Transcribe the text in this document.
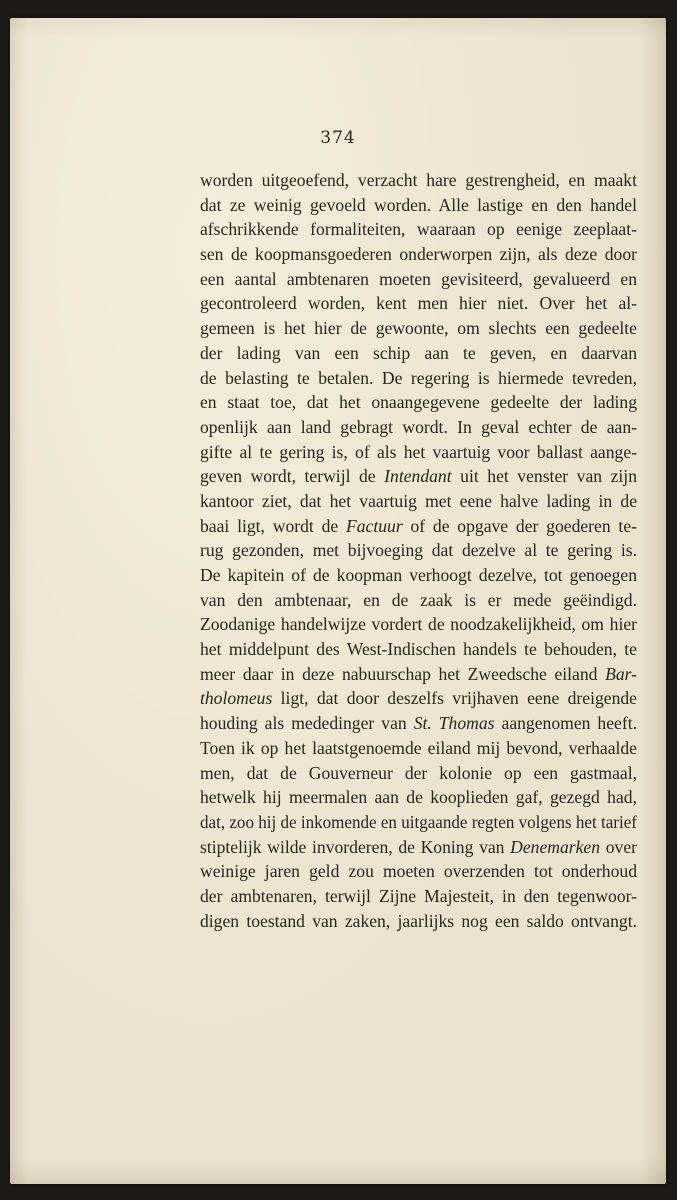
374
worden uitgeoefend, verzacht hare gestrengheid, en maakt
dat ze weinig gevoeld worden. Alle lastige en den handel
afschrikkende formaliteiten, waaraan op eenige zeeplaat-
sen de koopmansgoederen onderworpen zijn, als deze door
een aantal ambtenaren moeten gevisiteerd, gevalueerd en
gecontroleerd worden, kent men hier niet. Over het al-
gemeen is het hier de gewoonte, om slechts een gedeelte
der lading van een schip aan te geven, en daarvan
de belasting te betalen. De regering is hiermede tevreden,
en staat toe, dat het onaangegevene gedeelte der lading
openlijk aan land gebragt wordt. In geval echter de aan-
gifte al te gering is, of als het vaartuig voor ballast aange-
geven wordt, terwijl de Intendant uit het venster van zijn
kantoor ziet, dat het vaartuig met eene halve lading in de
baai ligt, wordt de Factuur of de opgave der goederen te-
rug gezonden, met bijvoeging dat dezelve al te gering is.
De kapitein of de koopman verhoogt dezelve, tot genoegen
van den ambtenaar, en de zaak is er mede geëindigd.
Zoodanige handelwijze vordert de noodzakelijkheid, om hier
het middelpunt des West-Indischen handels te behouden, te
meer daar in deze nabuurschap het Zweedsche eiland Bar-
tholomeus ligt, dat door deszelfs vrijhaven eene dreigende
houding als mededinger van St. Thomas aangenomen heeft.
Toen ik op het laatstgenoemde eiland mij bevond, verhaalde
men, dat de Gouverneur der kolonie op een gastmaal,
hetwelk hij meermalen aan de kooplieden gaf, gezegd had,
dat, zoo hij de inkomende en uitgaande regten volgens het tarief
stiptelijk wilde invorderen, de Koning van Denemarken over
weinige jaren geld zou moeten overzenden tot onderhoud
der ambtenaren, terwijl Zijne Majesteit, in den tegenwoor-
digen toestand van zaken, jaarlijks nog een saldo ontvangt.
